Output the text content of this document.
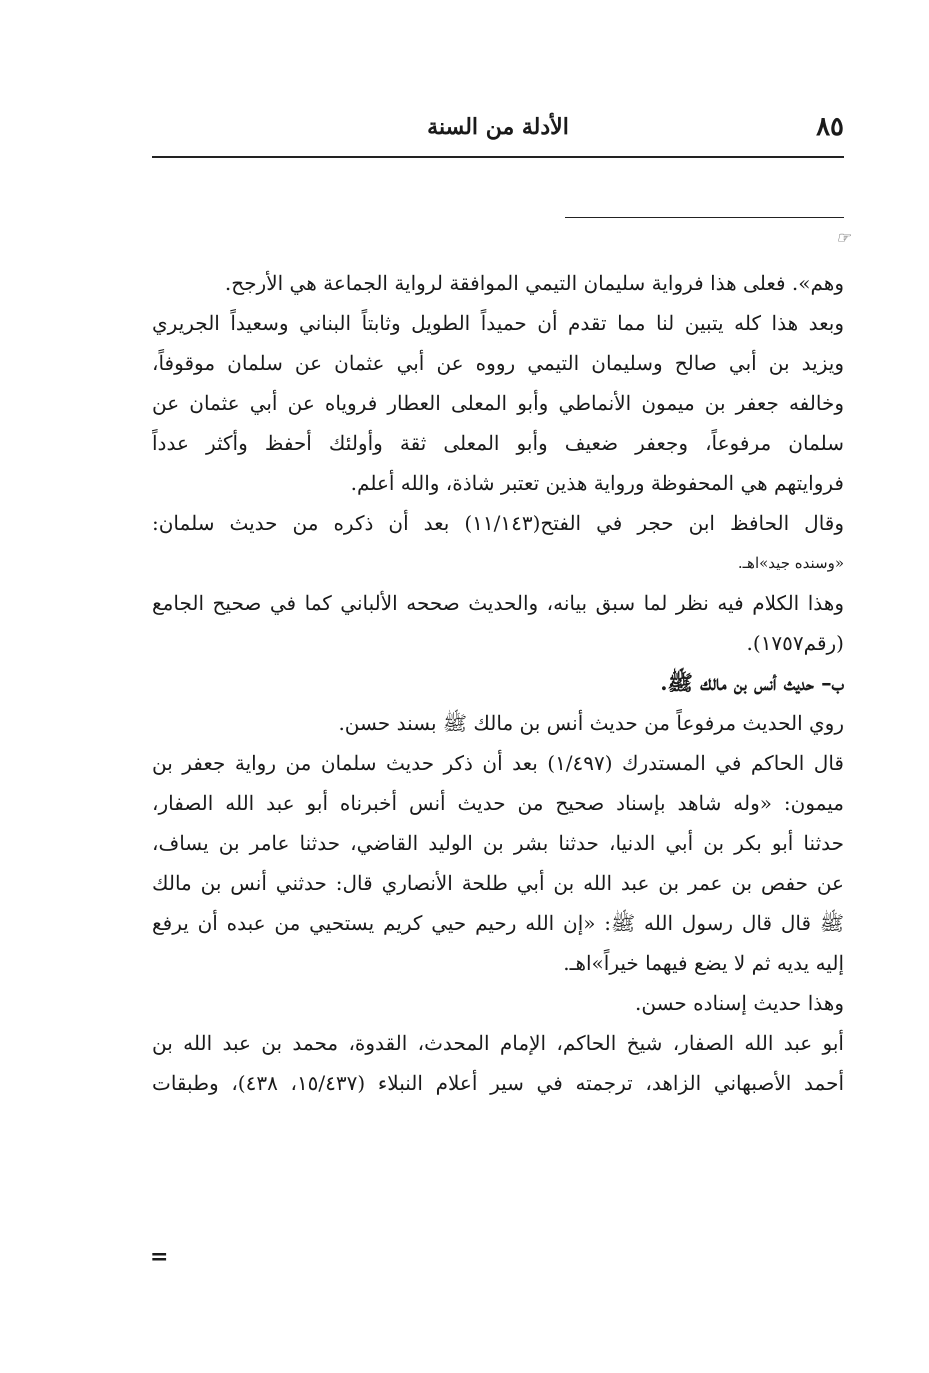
٨٥
الأدلة من السنة
☞
وهم». فعلى هذا فرواية سليمان التيمي الموافقة لرواية الجماعة هي الأرجح.
وبعد هذا كله يتبين لنا مما تقدم أن حميداً الطويل وثابتاً البناني وسعيداً الجريري
ويزيد بن أبي صالح وسليمان التيمي رووه عن أبي عثمان عن سلمان موقوفاً،
وخالفه جعفر بن ميمون الأنماطي وأبو المعلى العطار فروياه عن أبي عثمان عن
سلمان مرفوعاً، وجعفر ضعيف وأبو المعلى ثقة وأولئك أحفظ وأكثر عدداً
فروايتهم هي المحفوظة ورواية هذين تعتبر شاذة، والله أعلم.
وقال الحافظ ابن حجر في الفتح(١١/١٤٣) بعد أن ذكره من حديث سلمان:
«وسنده جيد»اهـ.
وهذا الكلام فيه نظر لما سبق بيانه، والحديث صححه الألباني كما في صحيح الجامع
(رقم١٧٥٧).
ب– حديث أنس بن مالك ﷺ.
روي الحديث مرفوعاً من حديث أنس بن مالك ﷺ بسند حسن.
قال الحاكم في المستدرك (١/٤٩٧) بعد أن ذكر حديث سلمان من رواية جعفر بن
ميمون: «وله شاهد بإسناد صحيح من حديث أنس أخبرناه أبو عبد الله الصفار،
حدثنا أبو بكر بن أبي الدنيا، حدثنا بشر بن الوليد القاضي، حدثنا عامر بن يساف،
عن حفص بن عمر بن عبد الله بن أبي طلحة الأنصاري قال: حدثني أنس بن مالك
ﷺ قال قال رسول الله ﷺ: «إن الله رحيم حيي كريم يستحيي من عبده أن يرفع
إليه يديه ثم لا يضع فيهما خيراً»اهـ.
وهذا حديث إسناده حسن.
أبو عبد الله الصفار، شيخ الحاكم، الإمام المحدث، القدوة، محمد بن عبد الله بن
أحمد الأصبهاني الزاهد، ترجمته في سير أعلام النبلاء (١٥/٤٣٧، ٤٣٨)، وطبقات
=
